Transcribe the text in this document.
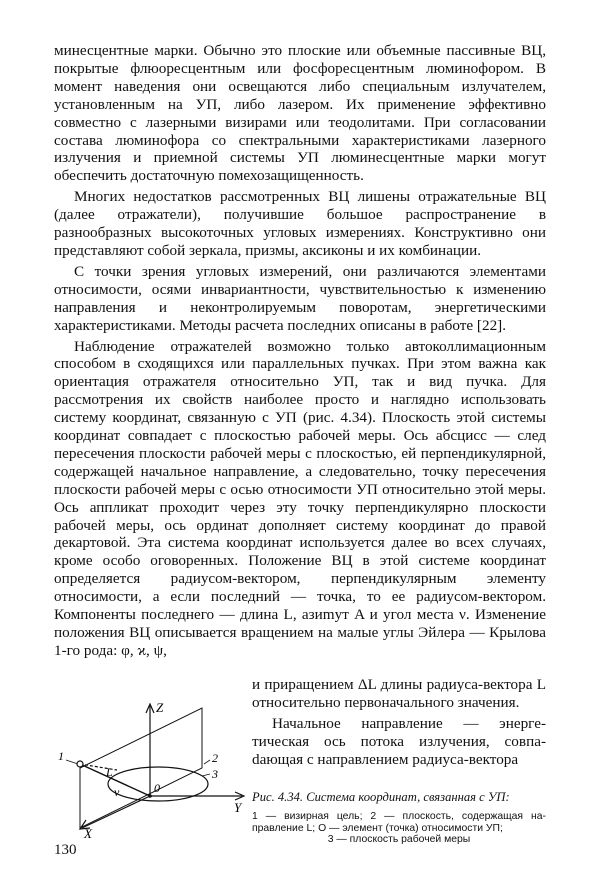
минесцентные марки. Обычно это плоские или объемные пассивные ВЦ, покрытые флюоресцентным или фосфоресцентным люминофором. В момент наведения они освещаются либо специальным излучателем, установленным на УП, либо лазером. Их применение эффективно совместно с лазерными визирами или теодолитами. При согласовании состава люминофора со спектральными характеристиками лазерного излучения и приемной системы УП люминесцентные марки могут обеспечить достаточную помехозащищенность.

Многих недостатков рассмотренных ВЦ лишены отражательные ВЦ (далее отражатели), получившие большое распространение в разнообразных высокоточных угловых измерениях. Конструктивно они представляют собой зеркала, призмы, аксиконы и их комбинации.

С точки зрения угловых измерений, они различаются элементами относимости, осями инвариантности, чувствительностью к изменению направления и неконтролируемым поворотам, энергетическими характеристиками. Методы расчета последних описаны в работе [22].

Наблюдение отражателей возможно только автоколлимационным способом в сходящихся или параллельных пучках. При этом важна как ориентация отражателя относительно УП, так и вид пучка. Для рассмотрения их свойств наиболее просто и наглядно использовать систему координат, связанную с УП (рис. 4.34). Плоскость этой системы координат совпадает с плоскостью рабочей меры. Ось абсцисс — след пересечения плоскости рабочей меры с плоскостью, ей перпендикулярной, содержащей начальное направление, а следовательно, точку пересечения плоскости рабочей меры с осью относимости УП относительно этой меры. Ось аппликат проходит через эту точку перпендикулярно плоскости рабочей меры, ось ординат дополняет систему координат до правой декартовой. Эта система координат используется далее во всех случаях, кроме особо оговоренных. Положение ВЦ в этой системе координат определяется радиусом-вектором, перпендикулярным элементу относимости, а если последний — точка, то ее радиусом-вектором. Компоненты последнего — длина L, азиmут A и угол места ν. Изменение положения ВЦ описывается вращением на малые углы Эйлера — Крылова 1-го рода: φ, ϰ, ψ,

и приращением ΔL длины радиуса-вектора L относительно первоначального значения.

Начальное направление — энергетическая ось потока излучения, совпаdающая с направлением радиуса-вектора

Z
Y
X
1	2
3
L
ν	0
Рис. 4.34. Система координат, связанная с УП:
1 — визирная цель; 2 — плоскость, содержащая направление L; O — элемент (точка) относимости УП;
3 — плоскость рабочей меры
130
